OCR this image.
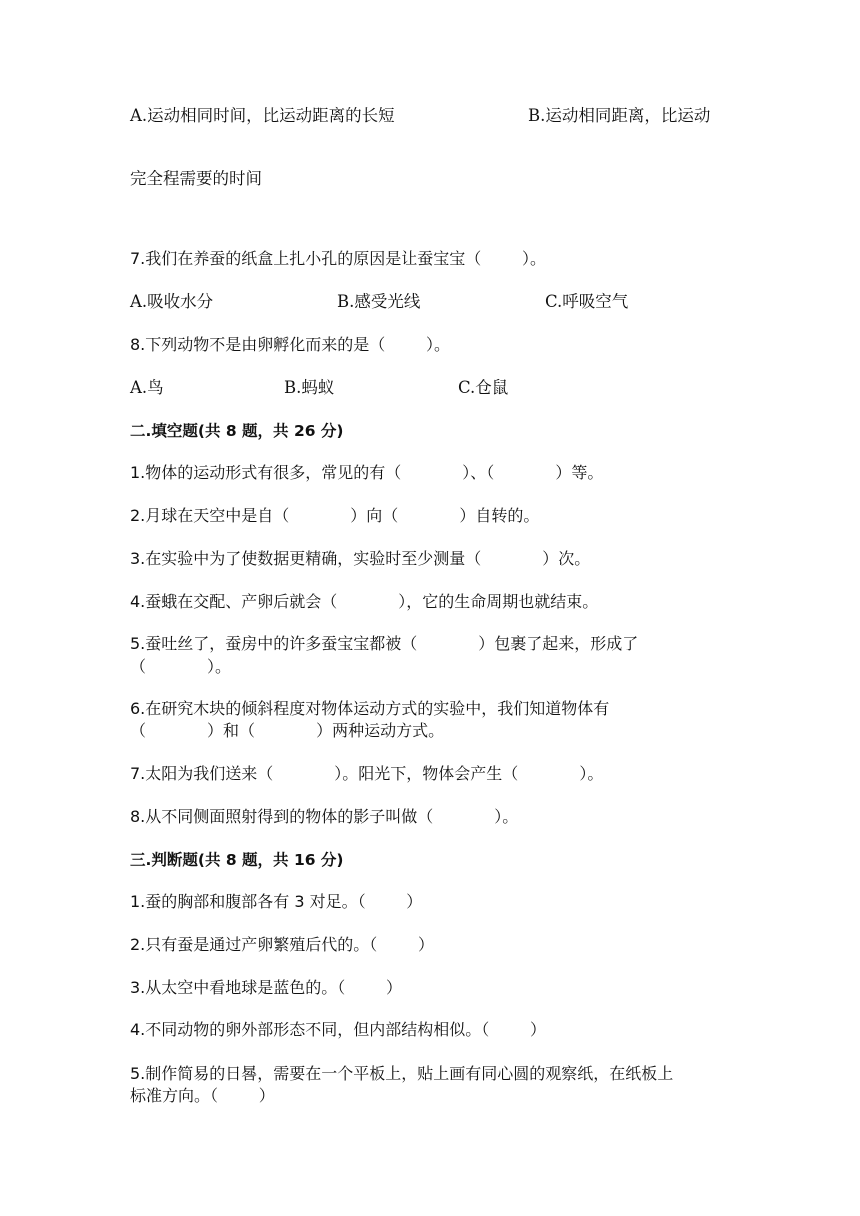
A.运动相同时间，比运动距离的长短	B.运动相同距离，比运动
完全程需要的时间
7.我们在养蚕的纸盒上扎小孔的原因是让蚕宝宝（        ）。
A.吸收水分	B.感受光线	C.呼吸空气
8.下列动物不是由卵孵化而来的是（        ）。
A.鸟	B.蚂蚁	C.仓鼠
二.填空题(共 8 题，共 26 分)
1.物体的运动形式有很多，常见的有（            ）、（            ）等。
2.月球在天空中是自（            ）向（            ）自转的。
3.在实验中为了使数据更精确，实验时至少测量（            ）次。
4.蚕蛾在交配、产卵后就会（            ），它的生命周期也就结束。
5.蚕吐丝了，蚕房中的许多蚕宝宝都被（            ）包裹了起来，形成了
（            ）。
6.在研究木块的倾斜程度对物体运动方式的实验中，我们知道物体有
（            ）和（            ）两种运动方式。
7.太阳为我们送来（            ）。阳光下，物体会产生（            ）。
8.从不同侧面照射得到的物体的影子叫做（            ）。
三.判断题(共 8 题，共 16 分)
1.蚕的胸部和腹部各有 3 对足。（        ）
2.只有蚕是通过产卵繁殖后代的。（        ）
3.从太空中看地球是蓝色的。（        ）
4.不同动物的卵外部形态不同，但内部结构相似。（        ）
5.制作简易的日晷，需要在一个平板上，贴上画有同心圆的观察纸，在纸板上
标准方向。（        ）
